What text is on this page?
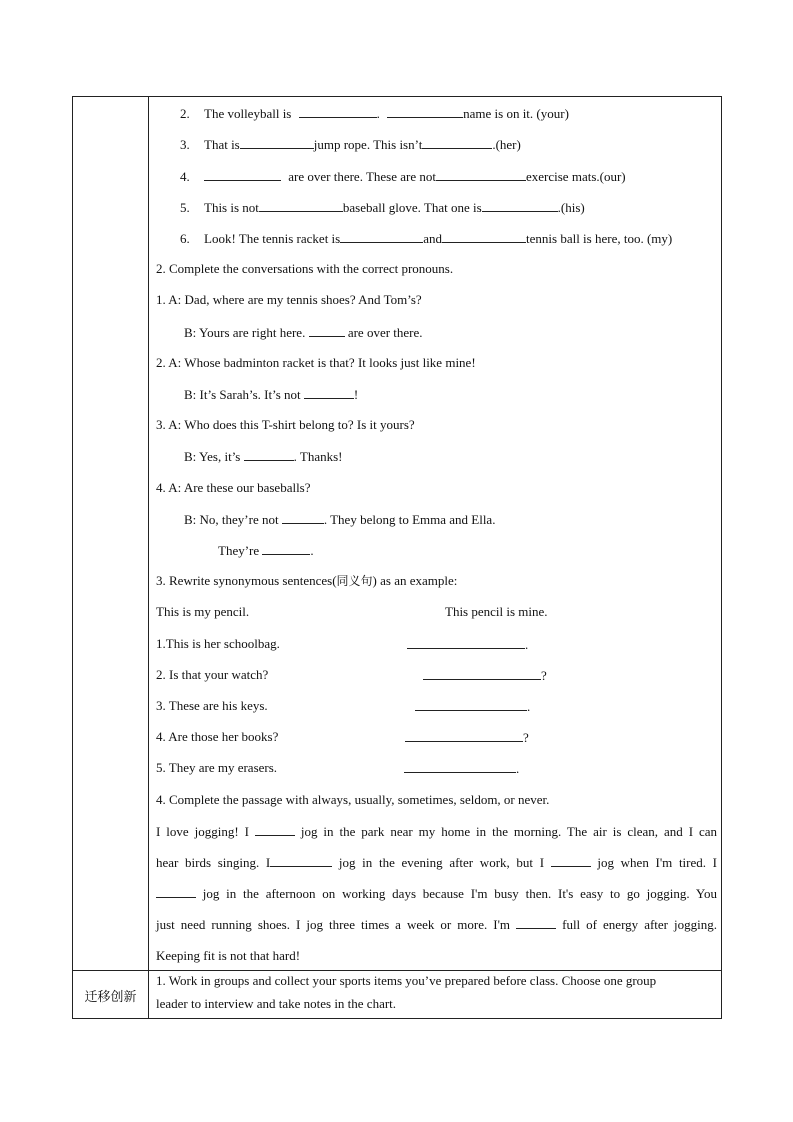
迁移创新
2. The volleyball is	.	name is on it. (your)
3. That is	jump rope. This isn’t	.(her)
4.	are over there. These are not	exercise mats.(our)
5. This is not	baseball glove. That one is	.(his)
6. Look! The tennis racket is	and	tennis ball is here, too. (my)
2. Complete the conversations with the correct pronouns.
1. A: Dad, where are my tennis shoes? And Tom’s?
B: Yours are right here.	are over there.
2. A: Whose badminton racket is that? It looks just like mine!
B: It’s Sarah’s. It’s not	!
3. A: Who does this T-shirt belong to? Is it yours?
B: Yes, it’s	. Thanks!
4. A: Are these our baseballs?
B: No, they’re not	. They belong to Emma and Ella.
They’re	.
3. Rewrite synonymous sentences(同义句) as an example:
This is my pencil.	This pencil is mine.
1.This is her schoolbag.	.
2. Is that your watch?	?
3. These are his keys.	.
4. Are those her books?	?
5. They are my erasers.	.
4. Complete the passage with always, usually, sometimes, seldom, or never.
I love jogging! I	jog in the park near my home in the morning. The air is clean, and I can
hear birds singing. I	jog in the evening after work, but I	jog when I'm tired. I
jog in the afternoon on working days because I'm busy then. It's easy to go jogging. You
just need running shoes. I jog three times a week or more. I'm	full of energy after jogging.
Keeping fit is not that hard!
1. Work in groups and collect your sports items you’ve prepared before class. Choose one group
leader to interview and take notes in the chart.
